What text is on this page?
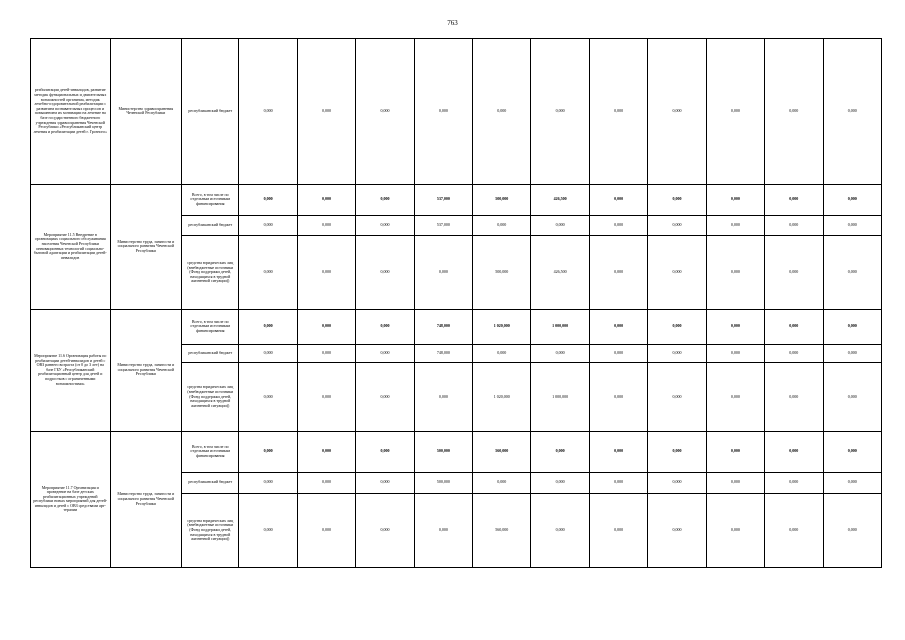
763
реабилитации детей-инвалидов, развитие методик функциональных и двигательных возможностей организма, методик лечебно-оздоровительной реабилитации с развитием познавательных процессов и повышением их мотивации на лечение на базе государственного бюджетного учреждения здравоохранения Чеченской Республики «Республиканский центр лечения и реабилитации детей г. Грозного»	Министерство здравоохранения Чеченской Республики	республиканский бюджет	0,000	0,000	0,000	0,000	0,000	0,000	0,000	0,000	0,000	0,000	0,000
Мероприятие 11.5 Внедрение в организациях социального обслуживания населения Чеченской Республики инновационных технологий социально-бытовой адаптации и реабилитации детей-инвалидов	Министерство труда, занятости и социального развития Чеченской Республики	Всего, в том числе по отдельным источникам финансирования	0,000	0,000	0,000	537,000	500,000	426,500	0,000	0,000	0,000	0,000	0,000
		республиканский бюджет	0,000	0,000	0,000	537,000	0,000	0,000	0,000	0,000	0,000	0,000	0,000
		средства юридических лиц (внебюджетные источники (Фонд поддержки детей, находящихся в трудной жизненной ситуации))	0,000	0,000	0,000	0,000	500,000	426,500	0,000	0,000	0,000	0,000	0,000
Мероприятие 11.6 Организация работы по реабилитации детей-инвалидов и детей с ОВЗ раннего возраста (от 0 до 3 лет) на базе ГБУ «Республиканский реабилитационный центр для детей и подростков с ограниченными возможностями»	Министерство труда, занятости и социального развития Чеченской Республики	Всего, в том числе по отдельным источникам финансирования	0,000	0,000	0,000	748,000	1 020,000	1 000,000	0,000	0,000	0,000	0,000	0,000
		республиканский бюджет	0,000	0,000	0,000	748,000	0,000	0,000	0,000	0,000	0,000	0,000	0,000
		средства юридических лиц (внебюджетные источники (Фонд поддержки детей, находящихся в трудной жизненной ситуации))	0,000	0,000	0,000	0,000	1 020,000	1 000,000	0,000	0,000	0,000	0,000	0,000
Мероприятие 11.7 Организация и проведение на базе детских реабилитационных учреждений республики новых мероприятий для детей-инвалидов и детей с ОВЗ средствами арт-терапии	Министерство труда, занятости и социального развития Чеченской Республики	Всего, в том числе по отдельным источникам финансирования	0,000	0,000	0,000	500,000	560,000	0,000	0,000	0,000	0,000	0,000	0,000
		республиканский бюджет	0,000	0,000	0,000	500,000	0,000	0,000	0,000	0,000	0,000	0,000	0,000
		средства юридических лиц (внебюджетные источники (Фонд поддержки детей, находящихся в трудной жизненной ситуации))	0,000	0,000	0,000	0,000	560,000	0,000	0,000	0,000	0,000	0,000	0,000
